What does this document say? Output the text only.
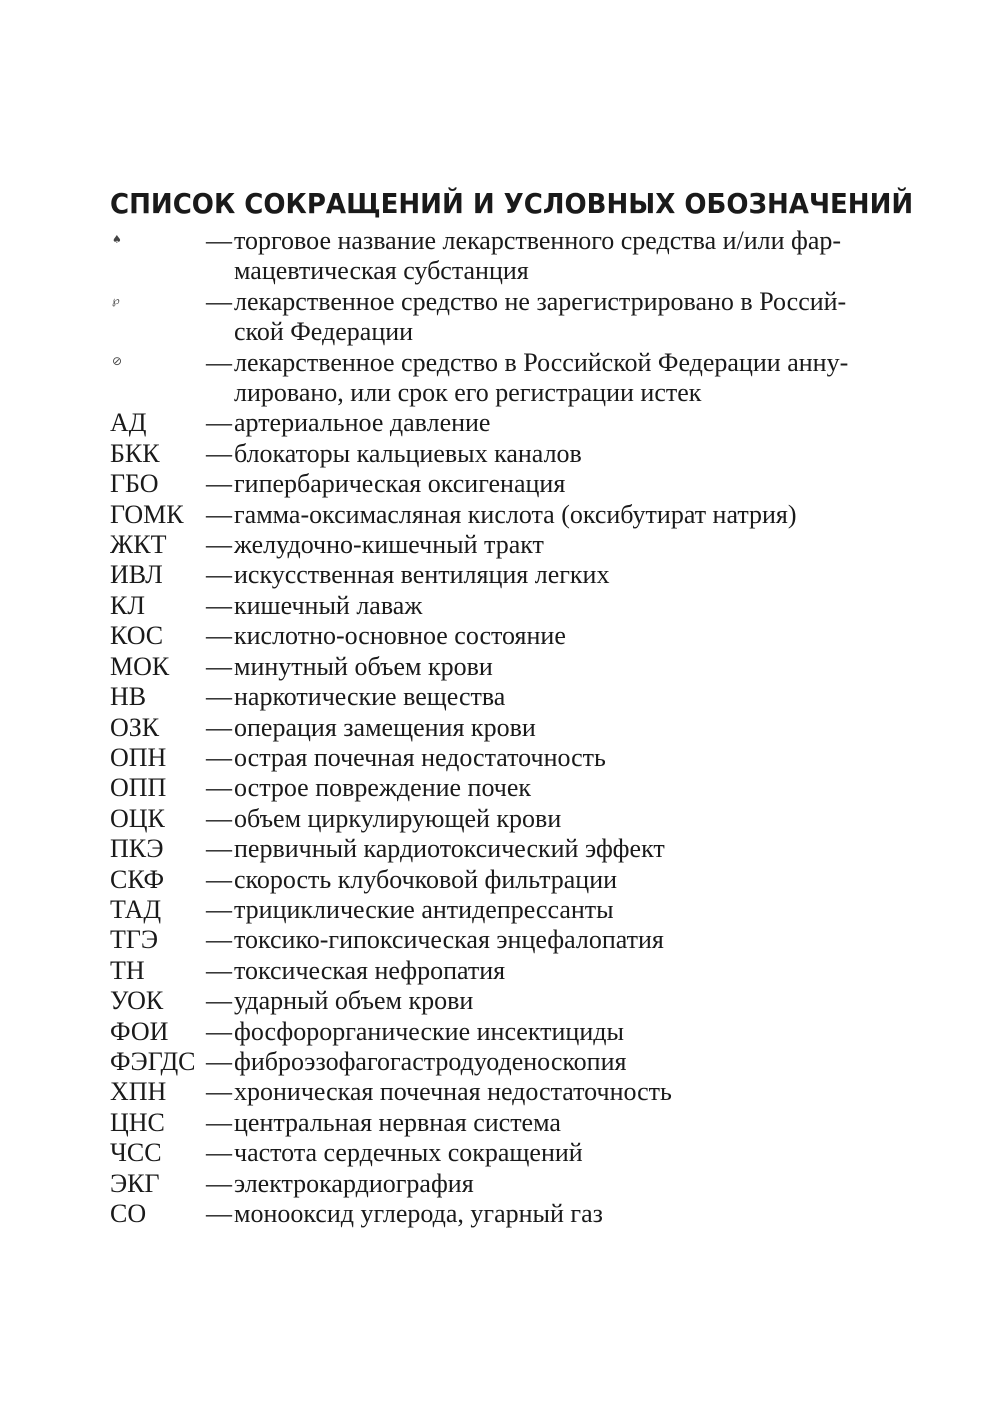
СПИСОК СОКРАЩЕНИЙ И УСЛОВНЫХ ОБОЗНАЧЕНИЙ
♠	— торговое название лекарственного средства и/или фар-
мацевтическая субстанция
℘	— лекарственное средство не зарегистрировано в Россий-
ской Федерации
⊘	— лекарственное средство в Российской Федерации анну-
лировано, или срок его регистрации истек
АД	— артериальное давление
БКК	— блокаторы кальциевых каналов
ГБО	— гипербарическая оксигенация
ГОМК — гамма-оксимасляная кислота (оксибутират натрия)
ЖКТ	— желудочно-кишечный тракт
ИВЛ	— искусственная вентиляция легких
КЛ	— кишечный лаваж
КОС	— кислотно-основное состояние
МОК	— минутный объем крови
НВ	— наркотические вещества
ОЗК	— операция замещения крови
ОПН	— острая почечная недостаточность
ОПП	— острое повреждение почек
ОЦК	— объем циркулирующей крови
ПКЭ	— первичный кардиотоксический эффект
СКФ	— скорость клубочковой фильтрации
ТАД	— трициклические антидепрессанты
ТГЭ	— токсико-гипоксическая энцефалопатия
ТН	— токсическая нефропатия
УОК	— ударный объем крови
ФОИ	— фосфорорганические инсектициды
ФЭГДС — фиброэзофагогастродуоденоскопия
ХПН	— хроническая почечная недостаточность
ЦНС	— центральная нервная система
ЧСС	— частота сердечных сокращений
ЭКГ	— электрокардиография
СО	— монооксид углерода, угарный газ
